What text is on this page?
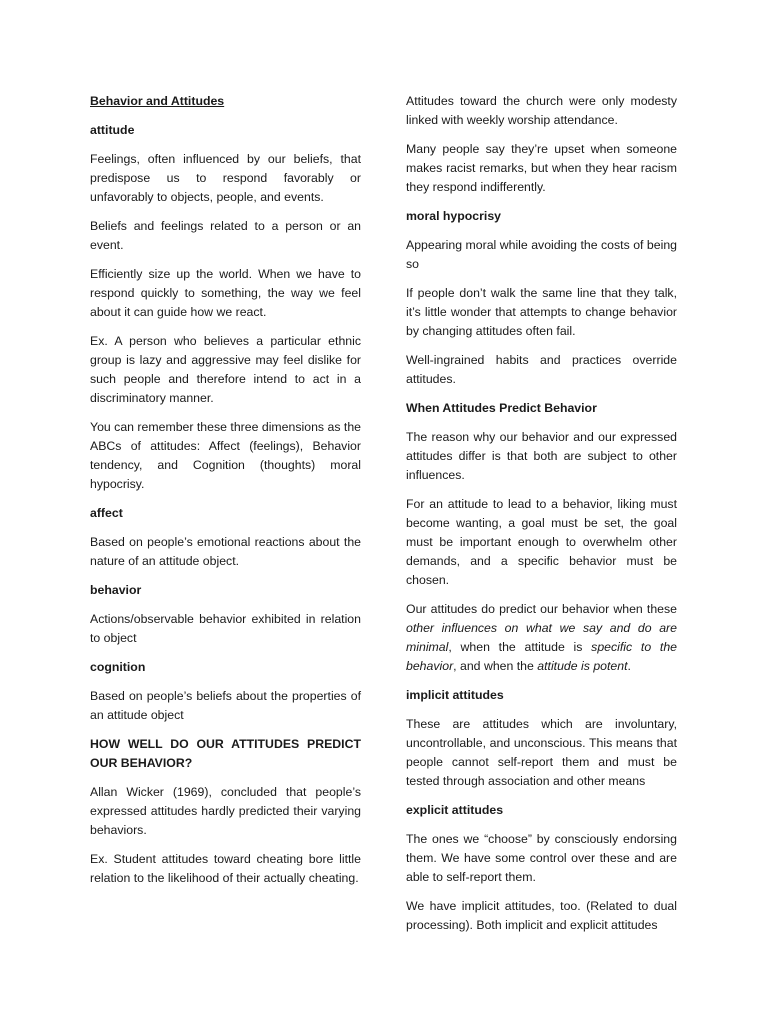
Behavior and Attitudes

attitude

Feelings, often influenced by our beliefs, that predispose us to respond favorably or unfavorably to objects, people, and events.

Beliefs and feelings related to a person or an event.

Efficiently size up the world. When we have to respond quickly to something, the way we feel about it can guide how we react.

Ex. A person who believes a particular ethnic group is lazy and aggressive may feel dislike for such people and therefore intend to act in a discriminatory manner.

You can remember these three dimensions as the ABCs of attitudes: Affect (feelings), Behavior tendency, and Cognition (thoughts) moral hypocrisy.

affect

Based on people’s emotional reactions about the nature of an attitude object.

behavior

Actions/observable behavior exhibited in relation to object

cognition

Based on people’s beliefs about the properties of an attitude object

HOW WELL DO OUR ATTITUDES PREDICT OUR BEHAVIOR?

Allan Wicker (1969), concluded that people’s expressed attitudes hardly predicted their varying behaviors.

Ex. Student attitudes toward cheating bore little relation to the likelihood of their actually cheating.

Attitudes toward the church were only modesty linked with weekly worship attendance.

Many people say they’re upset when someone makes racist remarks, but when they hear racism they respond indifferently.

moral hypocrisy

Appearing moral while avoiding the costs of being so

If people don’t walk the same line that they talk, it’s little wonder that attempts to change behavior by changing attitudes often fail.

Well-ingrained habits and practices override attitudes.

When Attitudes Predict Behavior

The reason why our behavior and our expressed attitudes differ is that both are subject to other influences.

For an attitude to lead to a behavior, liking must become wanting, a goal must be set, the goal must be important enough to overwhelm other demands, and a specific behavior must be chosen.

Our attitudes do predict our behavior when these other influences on what we say and do are minimal, when the attitude is specific to the behavior, and when the attitude is potent.

implicit attitudes

These are attitudes which are involuntary, uncontrollable, and unconscious. This means that people cannot self-report them and must be tested through association and other means

explicit attitudes

The ones we “choose” by consciously endorsing them. We have some control over these and are able to self-report them.

We have implicit attitudes, too. (Related to dual processing). Both implicit and explicit attitudes
